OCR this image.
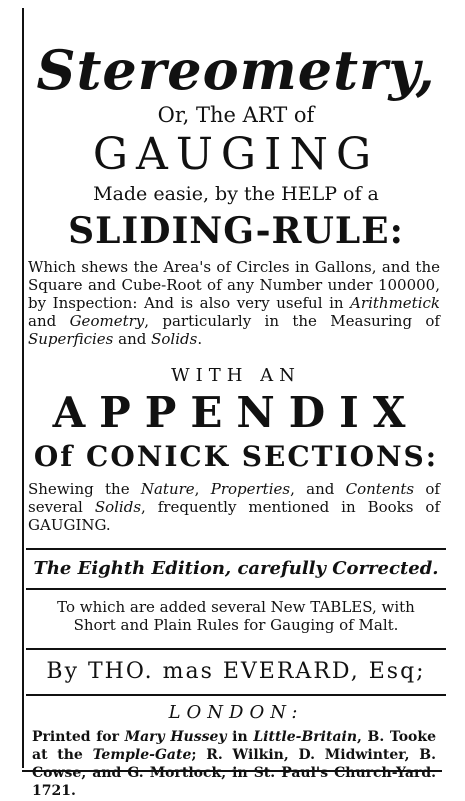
Stereometry,
Or, The ART of
GAUGING
Made easie, by the HELP of a
SLIDING-RULE:
Which shews the Area's of Circles in Gallons, and the Square and Cube-Root of any Number under 100000, by Inspection: And is also very useful in Arithmetick and Geometry, particularly in the Measuring of Superficies and Solids.
WITH AN
APPENDIX
Of CONICK SECTIONS:
Shewing the Nature, Properties, and Contents of several Solids, frequently mentioned in Books of GAUGING.
The Eighth Edition, carefully Corrected.
To which are added several New TABLES, with Short and Plain Rules for Gauging of Malt.
By THO. mas EVERARD, Esq;
LONDON:
Printed for Mary Hussey in Little-Britain, B. Tooke at the Temple-Gate; R. Wilkin, D. Midwinter, B. Cowse, and G. Mortlock, in St. Paul's Church-Yard. 1721.
